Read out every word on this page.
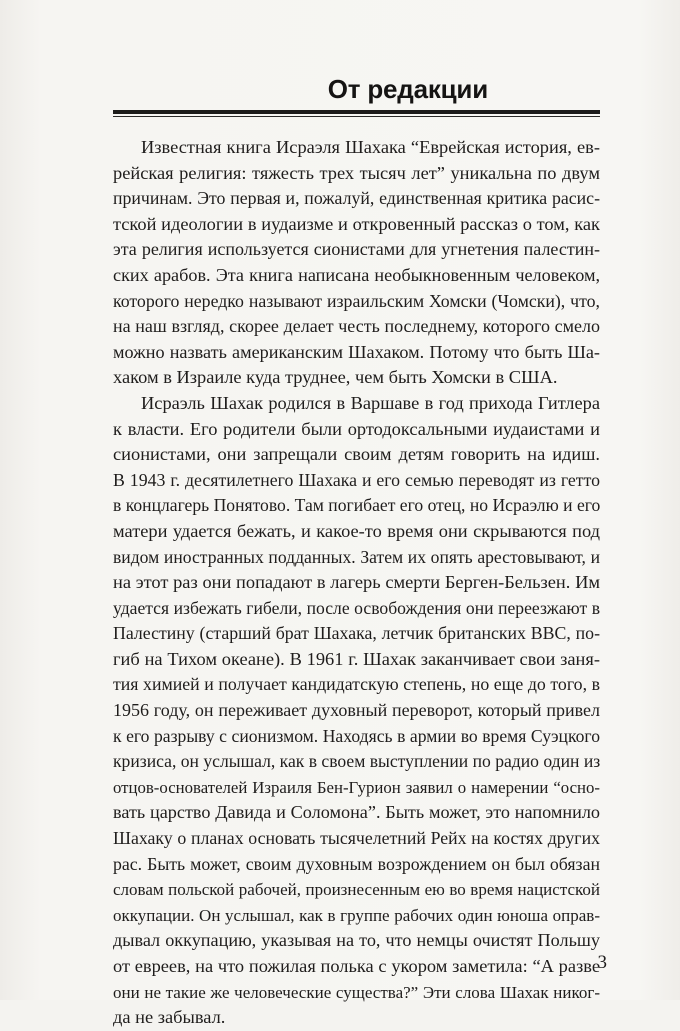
От редакции
Известная книга Исраэля Шахака “Еврейская история, ев-
рейская религия: тяжесть трех тысяч лет” уникальна по двум
причинам. Это первая и, пожалуй, единственная критика расис-
тской идеологии в иудаизме и откровенный рассказ о том, как
эта религия используется сионистами для угнетения палестин-
ских арабов. Эта книга написана необыкновенным человеком,
которого нередко называют израильским Хомски (Чомски), что,
на наш взгляд, скорее делает честь последнему, которого смело
можно назвать американским Шахаком. Потому что быть Ша-
хаком в Израиле куда труднее, чем быть Хомски в США.
Исраэль Шахак родился в Варшаве в год прихода Гитлера
к власти. Его родители были ортодоксальными иудаистами и
сионистами, они запрещали своим детям говорить на идиш.
В 1943 г. десятилетнего Шахака и его семью переводят из гетто
в концлагерь Понятово. Там погибает его отец, но Исраэлю и его
матери удается бежать, и какое-то время они скрываются под
видом иностранных подданных. Затем их опять арестовывают, и
на этот раз они попадают в лагерь смерти Берген-Бельзен. Им
удается избежать гибели, после освобождения они переезжают в
Палестину (старший брат Шахака, летчик британских ВВС, по-
гиб на Тихом океане). В 1961 г. Шахак заканчивает свои заня-
тия химией и получает кандидатскую степень, но еще до того, в
1956 году, он переживает духовный переворот, который привел
к его разрыву с сионизмом. Находясь в армии во время Суэцкого
кризиса, он услышал, как в своем выступлении по радио один из
отцов-основателей Израиля Бен-Гурион заявил о намерении “осно-
вать царство Давида и Соломона”. Быть может, это напомнило
Шахаку о планах основать тысячелетний Рейх на костях других
рас. Быть может, своим духовным возрождением он был обязан
словам польской рабочей, произнесенным ею во время нацистской
оккупации. Он услышал, как в группе рабочих один юноша оправ-
дывал оккупацию, указывая на то, что немцы очистят Польшу
от евреев, на что пожилая полька с укором заметила: “А разве
они не такие же человеческие существа?” Эти слова Шахак никог-
да не забывал.
3
